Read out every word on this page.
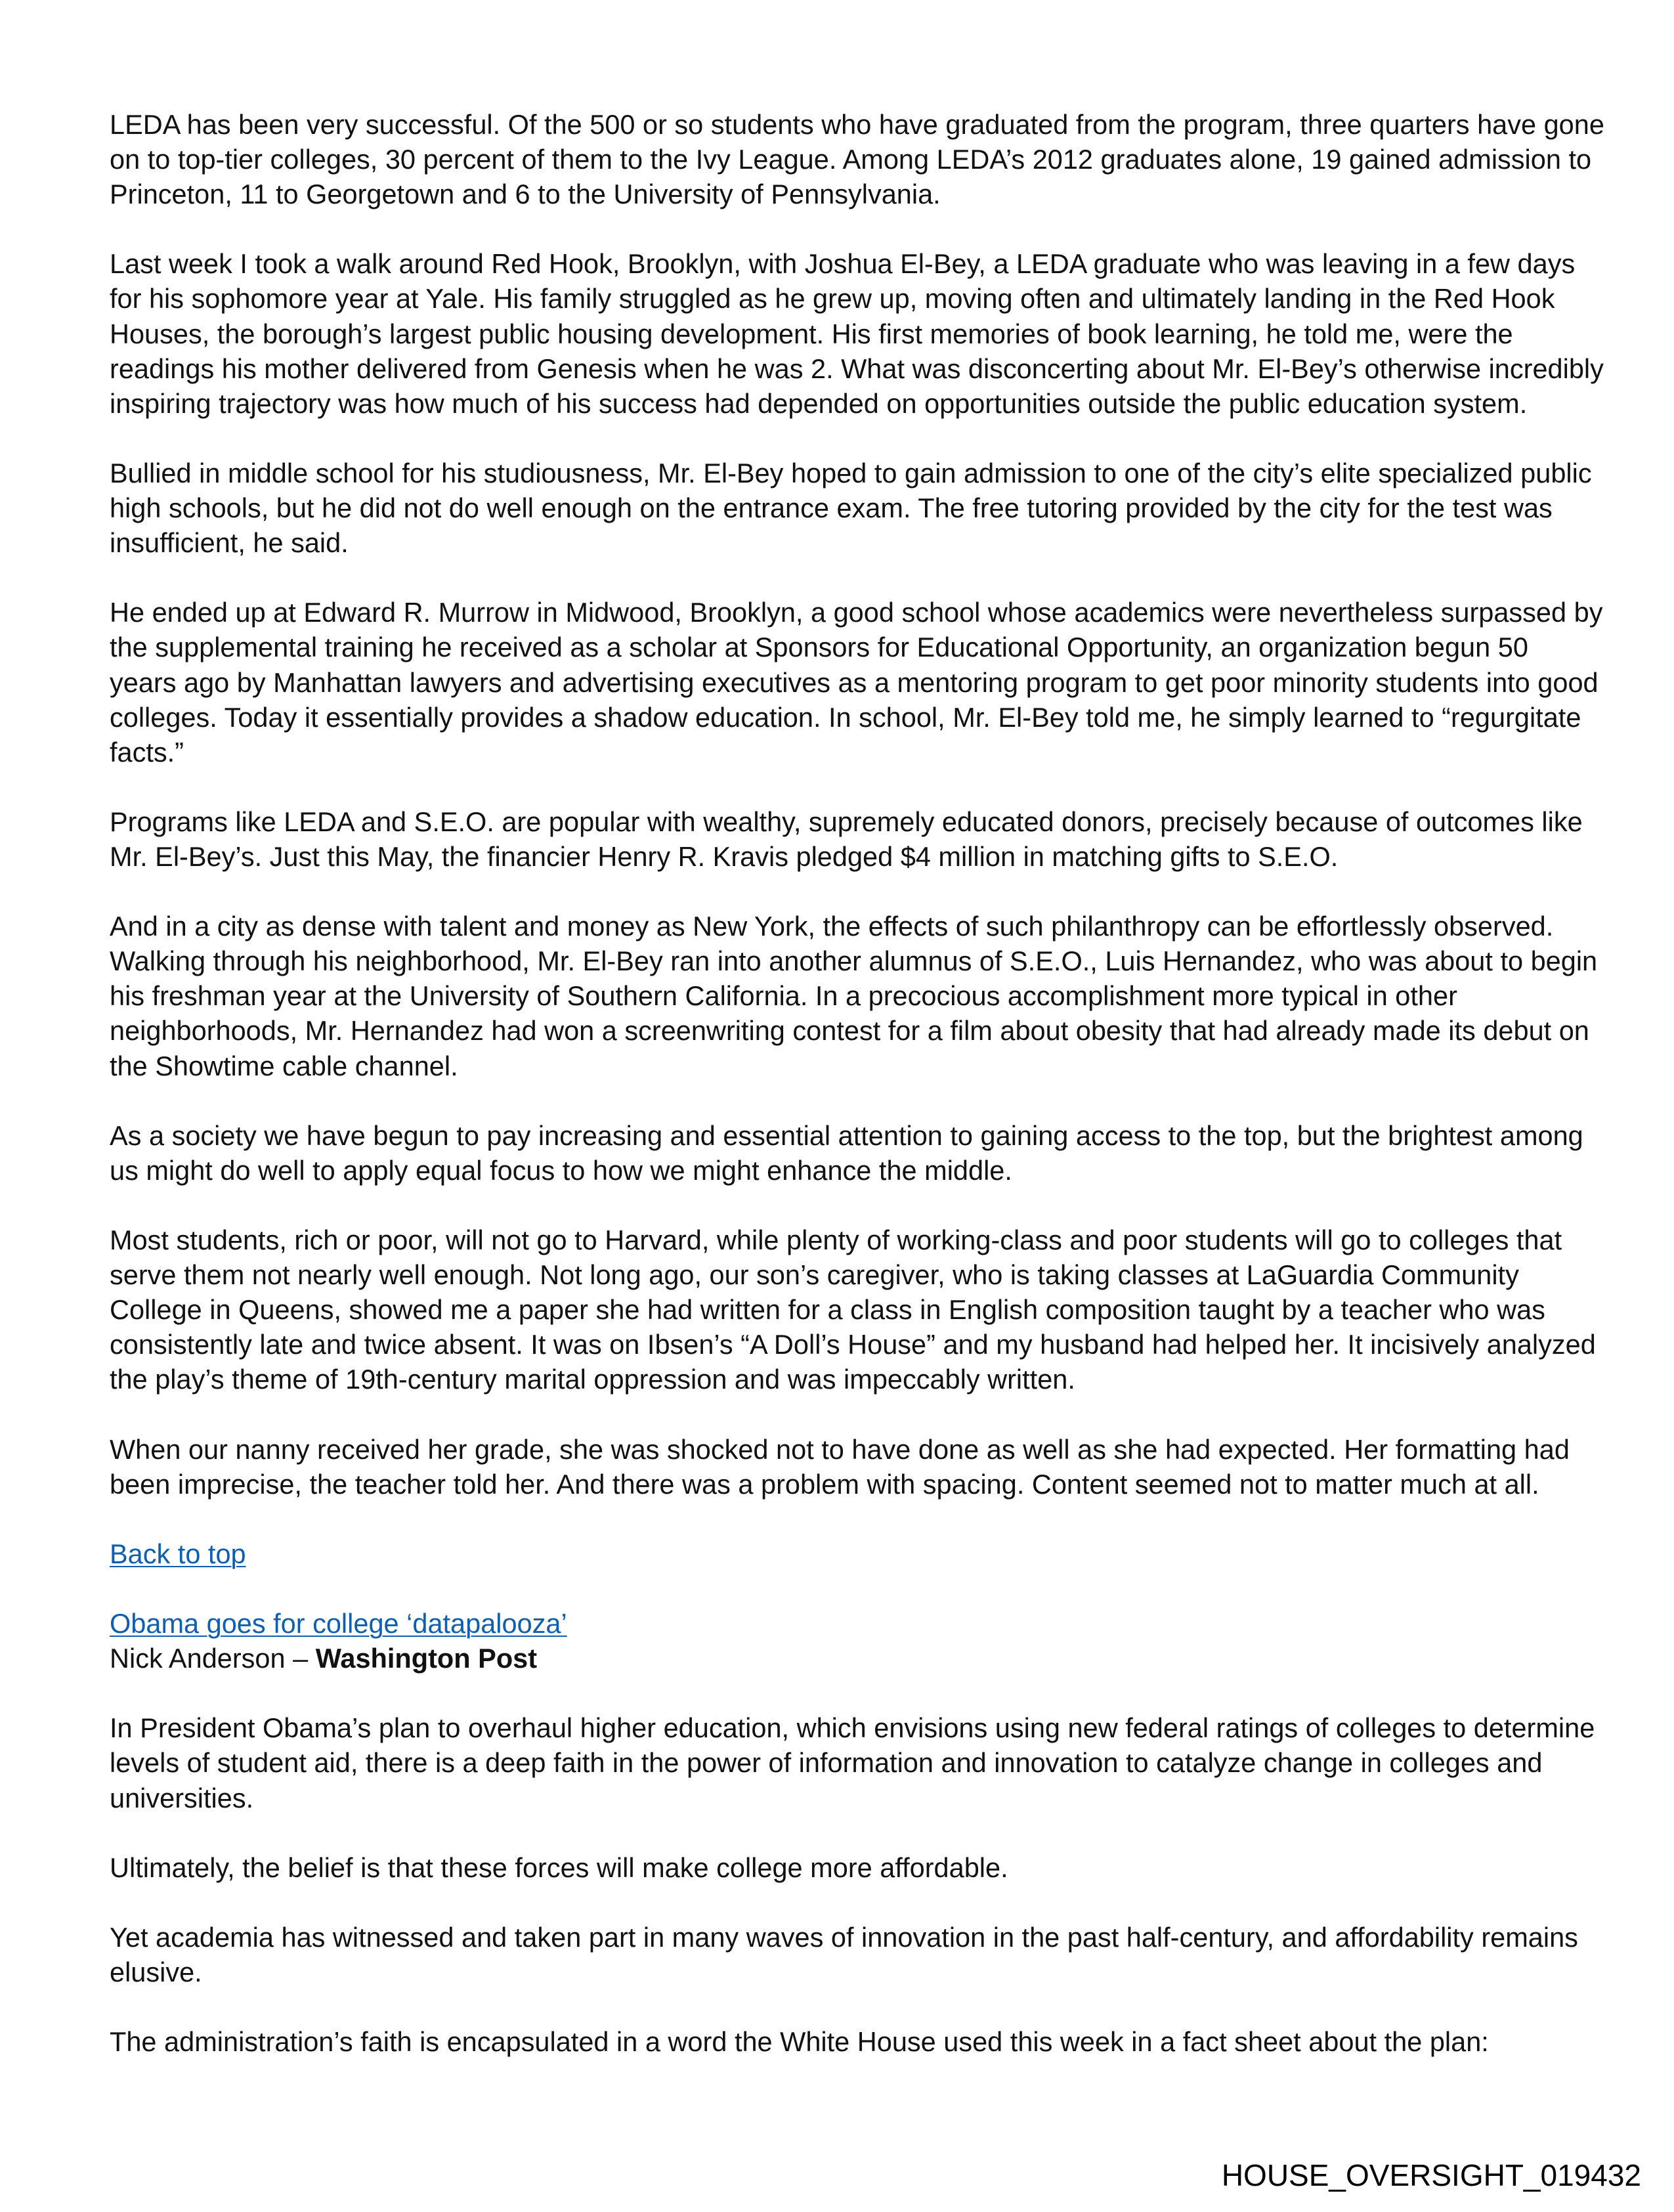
LEDA has been very successful. Of the 500 or so students who have graduated from the program, three quarters have gone
on to top-tier colleges, 30 percent of them to the Ivy League. Among LEDA’s 2012 graduates alone, 19 gained admission to
Princeton, 11 to Georgetown and 6 to the University of Pennsylvania.
Last week I took a walk around Red Hook, Brooklyn, with Joshua El-Bey, a LEDA graduate who was leaving in a few days
for his sophomore year at Yale. His family struggled as he grew up, moving often and ultimately landing in the Red Hook
Houses, the borough’s largest public housing development. His first memories of book learning, he told me, were the
readings his mother delivered from Genesis when he was 2. What was disconcerting about Mr. El-Bey’s otherwise incredibly
inspiring trajectory was how much of his success had depended on opportunities outside the public education system.
Bullied in middle school for his studiousness, Mr. El-Bey hoped to gain admission to one of the city’s elite specialized public
high schools, but he did not do well enough on the entrance exam. The free tutoring provided by the city for the test was
insufficient, he said.
He ended up at Edward R. Murrow in Midwood, Brooklyn, a good school whose academics were nevertheless surpassed by
the supplemental training he received as a scholar at Sponsors for Educational Opportunity, an organization begun 50
years ago by Manhattan lawyers and advertising executives as a mentoring program to get poor minority students into good
colleges. Today it essentially provides a shadow education. In school, Mr. El-Bey told me, he simply learned to “regurgitate
facts.”
Programs like LEDA and S.E.O. are popular with wealthy, supremely educated donors, precisely because of outcomes like
Mr. El-Bey’s. Just this May, the financier Henry R. Kravis pledged $4 million in matching gifts to S.E.O.
And in a city as dense with talent and money as New York, the effects of such philanthropy can be effortlessly observed.
Walking through his neighborhood, Mr. El-Bey ran into another alumnus of S.E.O., Luis Hernandez, who was about to begin
his freshman year at the University of Southern California. In a precocious accomplishment more typical in other
neighborhoods, Mr. Hernandez had won a screenwriting contest for a film about obesity that had already made its debut on
the Showtime cable channel.
As a society we have begun to pay increasing and essential attention to gaining access to the top, but the brightest among
us might do well to apply equal focus to how we might enhance the middle.
Most students, rich or poor, will not go to Harvard, while plenty of working-class and poor students will go to colleges that
serve them not nearly well enough. Not long ago, our son’s caregiver, who is taking classes at LaGuardia Community
College in Queens, showed me a paper she had written for a class in English composition taught by a teacher who was
consistently late and twice absent. It was on Ibsen’s “A Doll’s House” and my husband had helped her. It incisively analyzed
the play’s theme of 19th-century marital oppression and was impeccably written.
When our nanny received her grade, she was shocked not to have done as well as she had expected. Her formatting had
been imprecise, the teacher told her. And there was a problem with spacing. Content seemed not to matter much at all.
Back to top
Obama goes for college ‘datapalooza’
Nick Anderson – Washington Post
In President Obama’s plan to overhaul higher education, which envisions using new federal ratings of colleges to determine
levels of student aid, there is a deep faith in the power of information and innovation to catalyze change in colleges and
universities.
Ultimately, the belief is that these forces will make college more affordable.
Yet academia has witnessed and taken part in many waves of innovation in the past half-century, and affordability remains
elusive.
The administration’s faith is encapsulated in a word the White House used this week in a fact sheet about the plan:
HOUSE_OVERSIGHT_019432
